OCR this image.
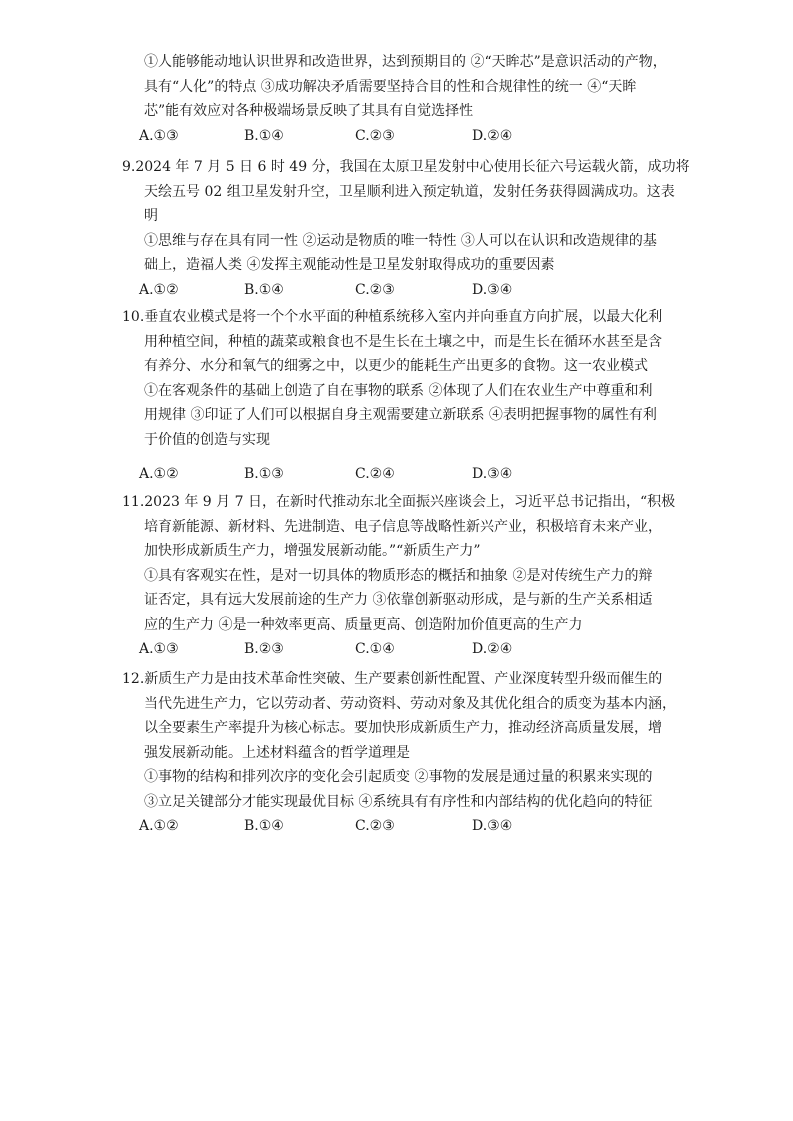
①人能够能动地认识世界和改造世界，达到预期目的 ②“天眸芯”是意识活动的产物，
具有“人化”的特点 ③成功解决矛盾需要坚持合目的性和合规律性的统一 ④“天眸
芯”能有效应对各种极端场景反映了其具有自觉选择性
A.①③	B.①④	C.②③	D.②④
9.2024 年 7 月 5 日 6 时 49 分，我国在太原卫星发射中心使用长征六号运载火箭，成功将
天绘五号 02 组卫星发射升空，卫星顺利进入预定轨道，发射任务获得圆满成功。这表
明
①思维与存在具有同一性 ②运动是物质的唯一特性 ③人可以在认识和改造规律的基
础上，造福人类 ④发挥主观能动性是卫星发射取得成功的重要因素
A.①②	B.①④	C.②③	D.③④
10.垂直农业模式是将一个个水平面的种植系统移入室内并向垂直方向扩展，以最大化利
用种植空间，种植的蔬菜或粮食也不是生长在土壤之中，而是生长在循环水甚至是含
有养分、水分和氧气的细雾之中，以更少的能耗生产出更多的食物。这一农业模式
①在客观条件的基础上创造了自在事物的联系 ②体现了人们在农业生产中尊重和利
用规律 ③印证了人们可以根据自身主观需要建立新联系 ④表明把握事物的属性有利
于价值的创造与实现
A.①②	B.①③	C.②④	D.③④
11.2023 年 9 月 7 日，在新时代推动东北全面振兴座谈会上，习近平总书记指出，“积极
培育新能源、新材料、先进制造、电子信息等战略性新兴产业，积极培育未来产业，
加快形成新质生产力，增强发展新动能。”“新质生产力”
①具有客观实在性，是对一切具体的物质形态的概括和抽象 ②是对传统生产力的辩
证否定，具有远大发展前途的生产力 ③依靠创新驱动形成，是与新的生产关系相适
应的生产力 ④是一种效率更高、质量更高、创造附加价值更高的生产力
A.①③	B.②③	C.①④	D.②④
12.新质生产力是由技术革命性突破、生产要素创新性配置、产业深度转型升级而催生的
当代先进生产力，它以劳动者、劳动资料、劳动对象及其优化组合的质变为基本内涵，
以全要素生产率提升为核心标志。要加快形成新质生产力，推动经济高质量发展，增
强发展新动能。上述材料蕴含的哲学道理是
①事物的结构和排列次序的变化会引起质变 ②事物的发展是通过量的积累来实现的
③立足关键部分才能实现最优目标 ④系统具有有序性和内部结构的优化趋向的特征
A.①②	B.①④	C.②③	D.③④
